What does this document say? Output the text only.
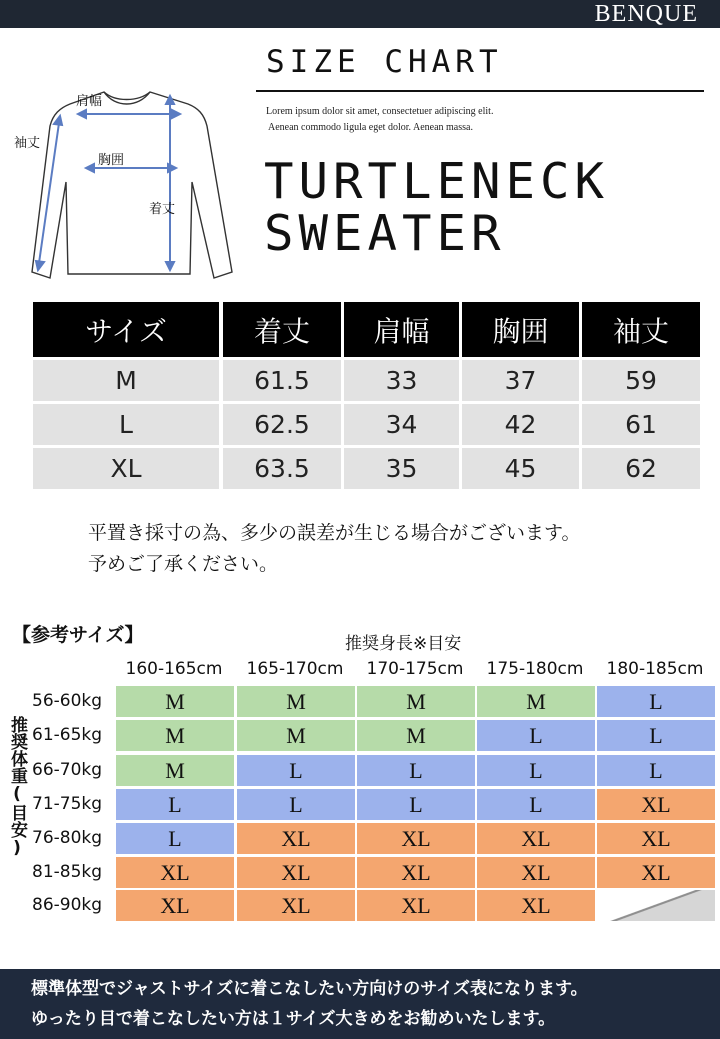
BENQUE
SIZE CHART
Lorem ipsum dolor sit amet, consectetuer adipiscing elit.
Aenean commodo ligula eget dolor. Aenean massa.
TURTLENECK
SWEATER
肩幅
袖丈
胸囲
着丈
サイズ	着丈	肩幅	胸囲	袖丈
M	61.5	33	37	59
L	62.5	34	42	61
XL	63.5	35	45	62
平置き採寸の為、多少の誤差が生じる場合がございます。
予めご了承ください。
【参考サイズ】	推奨身長※目安
推奨体重(目安)
160-165cm	165-170cm	170-175cm	175-180cm	180-185cm
56-60kg	M	M	M	M	L
61-65kg	M	M	M	L	L
66-70kg	M	L	L	L	L
71-75kg	L	L	L	L	XL
76-80kg	L	XL	XL	XL	XL
81-85kg	XL	XL	XL	XL	XL
86-90kg	XL	XL	XL	XL
標準体型でジャストサイズに着こなしたい方向けのサイズ表になります。
ゆったり目で着こなしたい方は１サイズ大きめをお勧めいたします。
